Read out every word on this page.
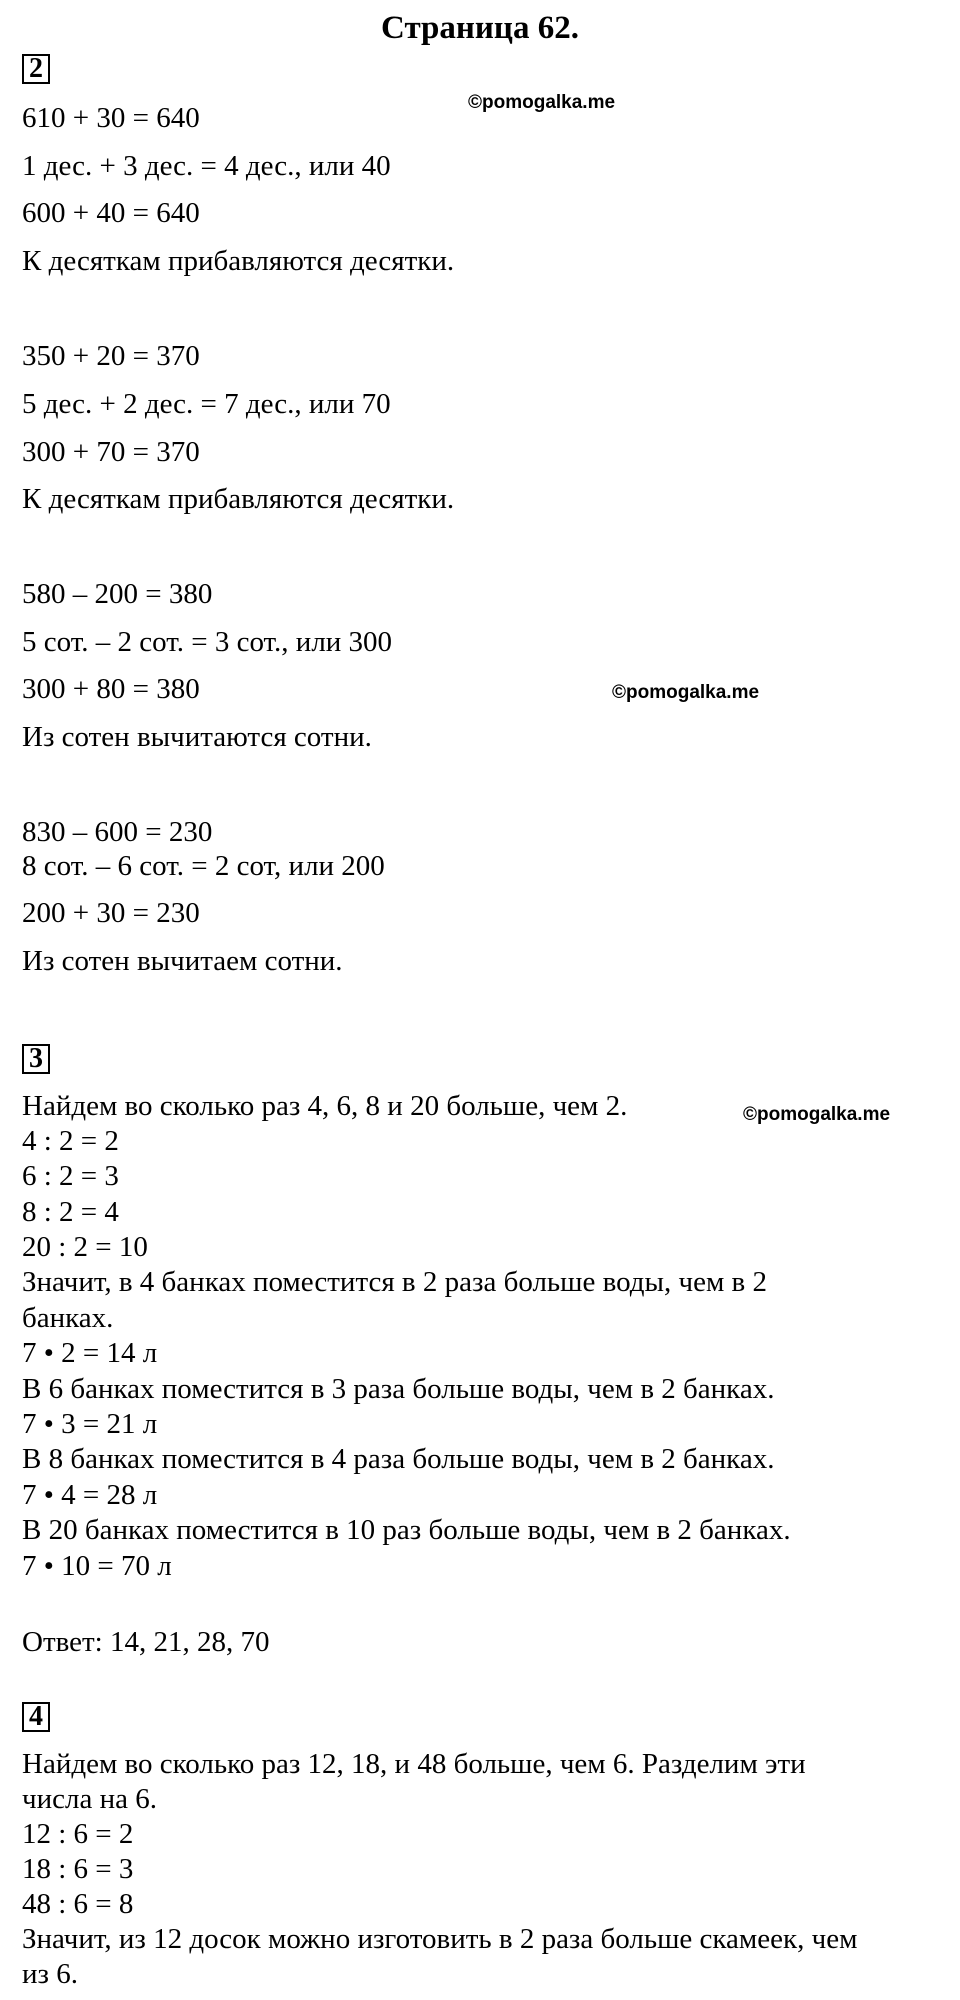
Страница 62.
2
©pomogalka.me
610 + 30 = 640
1 дес. + 3 дес. = 4 дес., или 40
600 + 40 = 640
К десяткам прибавляются десятки.
350 + 20 = 370
5 дес. + 2 дес. = 7 дес., или 70
300 + 70 = 370
К десяткам прибавляются десятки.
580 – 200 = 380
5 сот. – 2 сот. = 3 сот., или 300
300 + 80 = 380	©pomogalka.me
Из сотен вычитаются сотни.
830 – 600 = 230
8 сот. – 6 сот. = 2 сот, или 200
200 + 30 = 230
Из сотен вычитаем сотни.
3
Найдем во сколько раз 4, 6, 8 и 20 больше, чем 2.	©pomogalka.me
4 : 2 = 2
6 : 2 = 3
8 : 2 = 4
20 : 2 = 10
Значит, в 4 банках поместится в 2 раза больше воды, чем в 2
банках.
7 • 2 = 14 л
В 6 банках поместится в 3 раза больше воды, чем в 2 банках.
7 • 3 = 21 л
В 8 банках поместится в 4 раза больше воды, чем в 2 банках.
7 • 4 = 28 л
В 20 банках поместится в 10 раз больше воды, чем в 2 банках.
7 • 10 = 70 л
Ответ: 14, 21, 28, 70
4
Найдем во сколько раз 12, 18, и 48 больше, чем 6. Разделим эти
числа на 6.
12 : 6 = 2
18 : 6 = 3
48 : 6 = 8
Значит, из 12 досок можно изготовить в 2 раза больше скамеек, чем
из 6.
